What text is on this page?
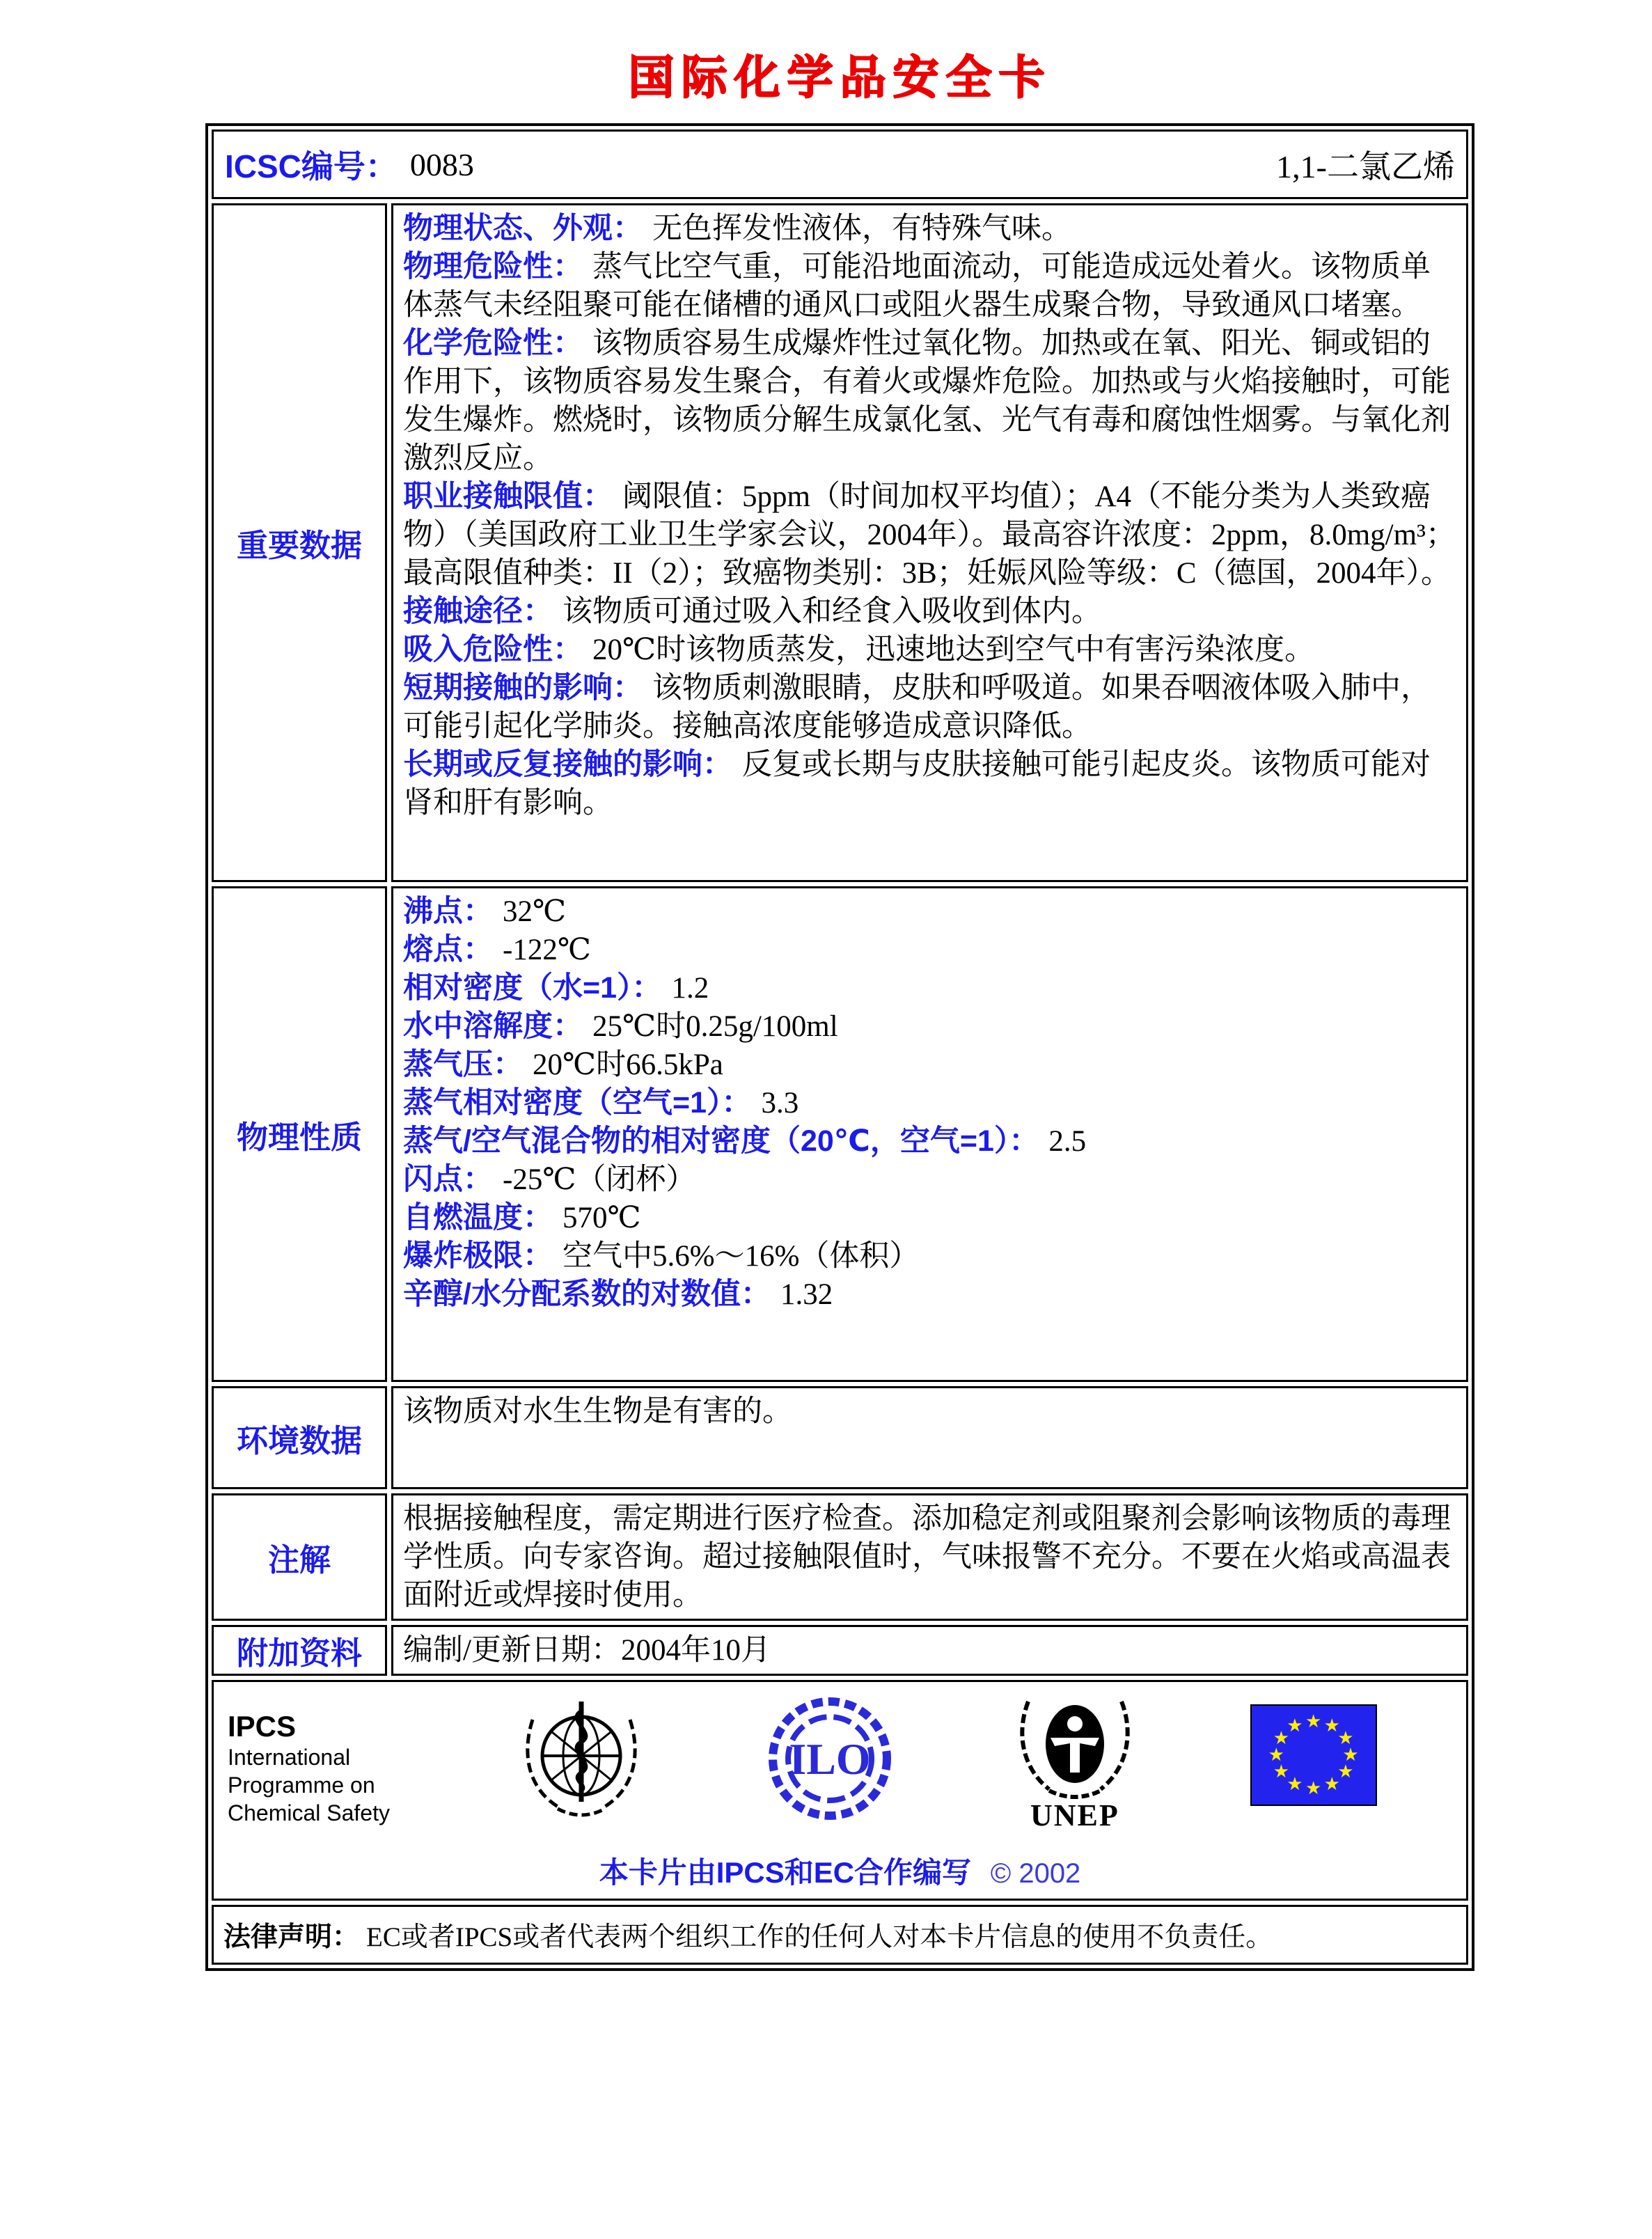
国际化学品安全卡
ICSC编号： 0083	1,1-二氯乙烯
重要数据
物理状态、外观： 无色挥发性液体，有特殊气味。
物理危险性： 蒸气比空气重，可能沿地面流动，可能造成远处着火。该物质单体蒸气未经阻聚可能在储槽的通风口或阻火器生成聚合物，导致通风口堵塞。
化学危险性： 该物质容易生成爆炸性过氧化物。加热或在氧、阳光、铜或铝的作用下，该物质容易发生聚合，有着火或爆炸危险。加热或与火焰接触时，可能发生爆炸。燃烧时，该物质分解生成氯化氢、光气有毒和腐蚀性烟雾。与氧化剂激烈反应。
职业接触限值： 阈限值：5ppm（时间加权平均值）；A4（不能分类为人类致癌物）（美国政府工业卫生学家会议，2004年）。最高容许浓度：2ppm，8.0mg/m³；最高限值种类：II（2）；致癌物类别：3B；妊娠风险等级：C（德国，2004年）。
接触途径： 该物质可通过吸入和经食入吸收到体内。
吸入危险性： 20℃时该物质蒸发，迅速地达到空气中有害污染浓度。
短期接触的影响： 该物质刺激眼睛，皮肤和呼吸道。如果吞咽液体吸入肺中，可能引起化学肺炎。接触高浓度能够造成意识降低。
长期或反复接触的影响： 反复或长期与皮肤接触可能引起皮炎。该物质可能对肾和肝有影响。
物理性质
沸点： 32℃
熔点： -122℃
相对密度（水=1）： 1.2
水中溶解度： 25℃时0.25g/100ml
蒸气压： 20℃时66.5kPa
蒸气相对密度（空气=1）： 3.3
蒸气/空气混合物的相对密度（20℃，空气=1）： 2.5
闪点： -25℃（闭杯）
自燃温度： 570℃
爆炸极限： 空气中5.6%～16%（体积）
辛醇/水分配系数的对数值： 1.32
环境数据
该物质对水生生物是有害的。
注解
根据接触程度，需定期进行医疗检查。添加稳定剂或阻聚剂会影响该物质的毒理学性质。向专家咨询。超过接触限值时，气味报警不充分。不要在火焰或高温表面附近或焊接时使用。
附加资料	编制/更新日期：2004年10月
IPCS
International
Programme on
Chemical Safety
ILO
UNEP
★ ★
★
★
★
★
★
★
★
★
★
★
本卡片由IPCS和EC合作编写 © 2002
法律声明： EC或者IPCS或者代表两个组织工作的任何人对本卡片信息的使用不负责任。
